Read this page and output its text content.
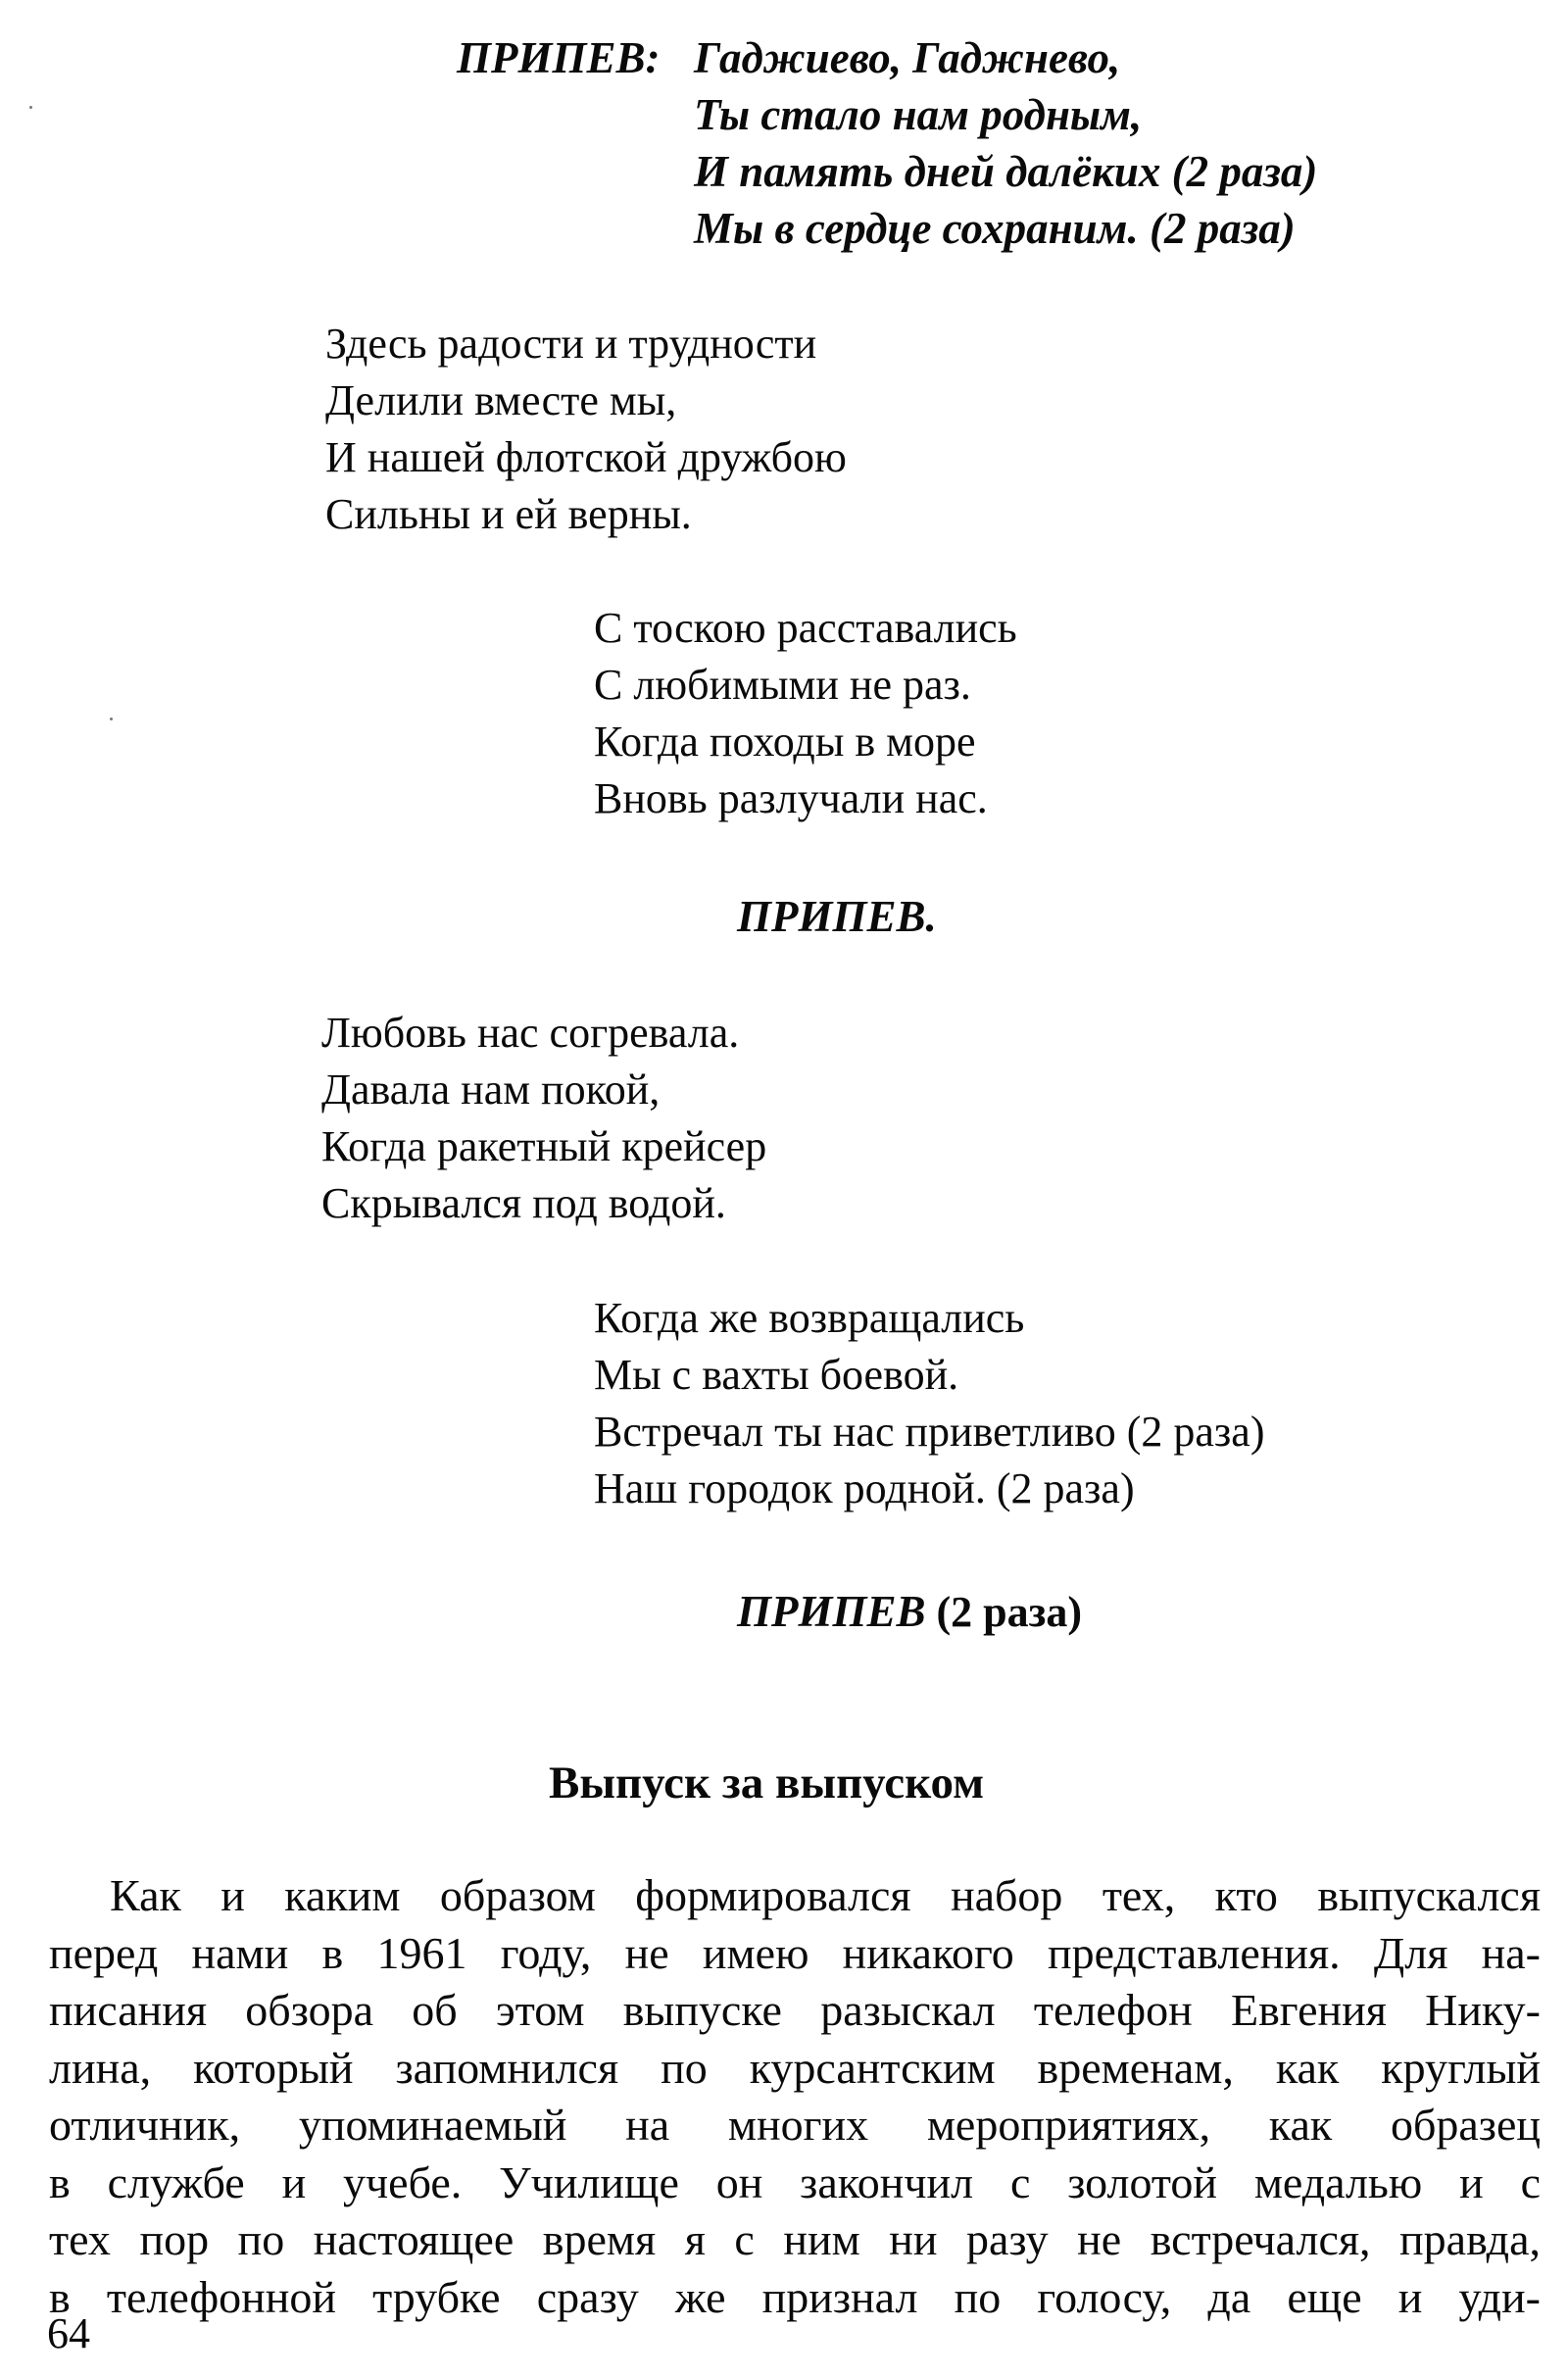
ПРИПЕВ: Гаджиево, Гаджнево,
Ты стало нам родным,
И память дней далёких (2 раза)
Мы в сердце сохраним. (2 раза)
Здесь радости и трудности
Делили вместе мы,
И нашей флотской дружбою
Сильны и ей верны.
С тоскою расставались
С любимыми не раз.
Когда походы в море
Вновь разлучали нас.
ПРИПЕВ.
Любовь нас согревала.
Давала нам покой,
Когда ракетный крейсер
Скрывался под водой.
Когда же возвращались
Мы с вахты боевой.
Встречал ты нас приветливо (2 раза)
Наш городок родной. (2 раза)
ПРИПЕВ (2 раза)
Выпуск за выпуском
Как и каким образом формировался набор тех, кто выпускался
перед нами в 1961 году, не имею никакого представления. Для на-
писания обзора об этом выпуске разыскал телефон Евгения Нику-
лина, который запомнился по курсантским временам, как круглый
отличник, упоминаемый на многих мероприятиях, как образец
в службе и учебе. Училище он закончил с золотой медалью и с
тех пор по настоящее время я с ним ни разу не встречался, правда,
в телефонной трубке сразу же признал по голосу, да еще и уди-
64
